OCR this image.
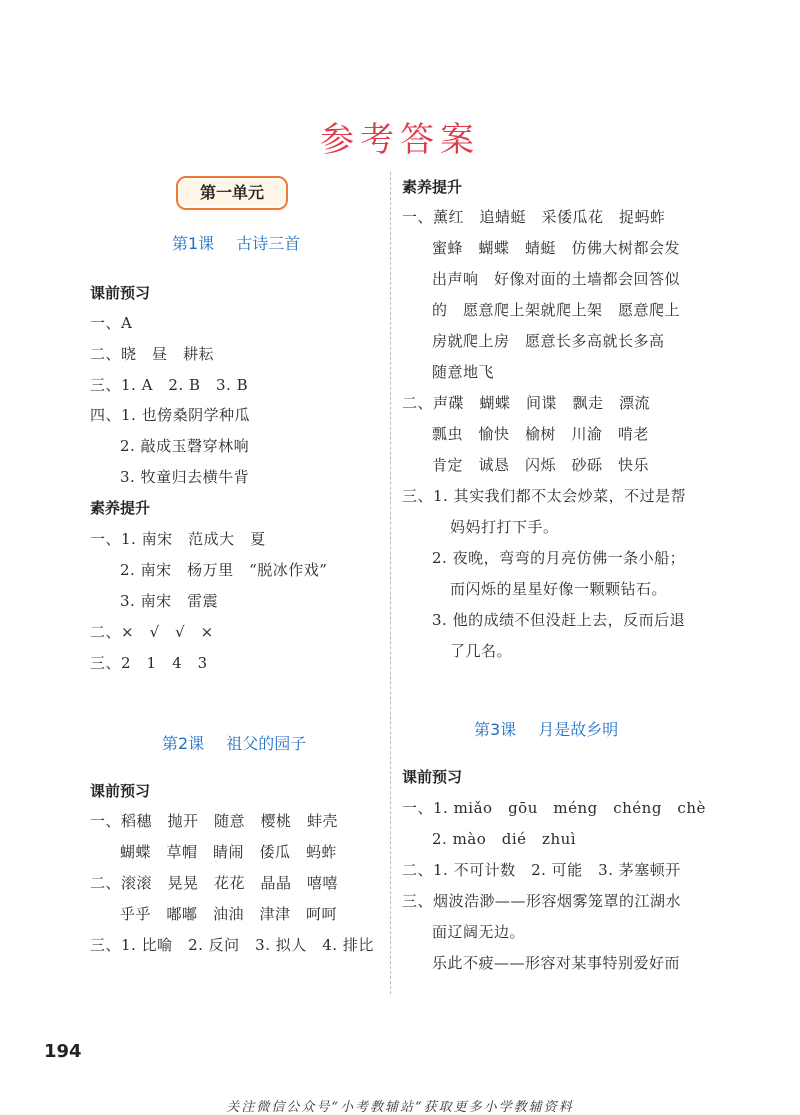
参考答案
第一单元
第1课 古诗三首
课前预习
一、A
二、晓　昼　耕耘
三、1. A　2. B　3. B
四、1. 也傍桑阴学种瓜
2. 敲成玉磬穿林响
3. 牧童归去横牛背
素养提升
一、1. 南宋　范成大　夏
2. 南宋　杨万里　“脱冰作戏”
3. 南宋　雷震
二、×　√　√　×
三、2　1　4　3
第2课 祖父的园子
课前预习
一、稻穗　抛开　随意　樱桃　蚌壳
蝴蝶　草帽　睛闹　倭瓜　蚂蚱
二、滚滚　晃晃　花花　晶晶　嘻嘻
乎乎　嘟嘟　油油　津津　呵呵
三、1. 比喻　2. 反问　3. 拟人　4. 排比
素养提升
一、薰红　追蜻蜓　采倭瓜花　捉蚂蚱
蜜蜂　蝴蝶　蜻蜓　仿佛大树都会发
出声响　好像对面的土墙都会回答似
的　愿意爬上架就爬上架　愿意爬上
房就爬上房　愿意长多高就长多高
随意地飞
二、声碟　蝴蝶　间谍　飘走　漂流
瓢虫　愉快　榆树　川渝　啃老
肯定　诚恳　闪烁　砂砾　快乐
三、1. 其实我们都不太会炒菜，不过是帮
妈妈打打下手。
2. 夜晚，弯弯的月亮仿佛一条小船；
而闪烁的星星好像一颗颗钻石。
3. 他的成绩不但没赶上去，反而后退
了几名。
第3课 月是故乡明
课前预习
一、1. miǎo　gōu　méng　chéng　chè
2. mào　dié　zhuì
二、1. 不可计数　2. 可能　3. 茅塞顿开
三、烟波浩渺——形容烟雾笼罩的江湖水
面辽阔无边。
乐此不疲——形容对某事特别爱好而
194
关注微信公众号“小考教辅站”获取更多小学教辅资料
